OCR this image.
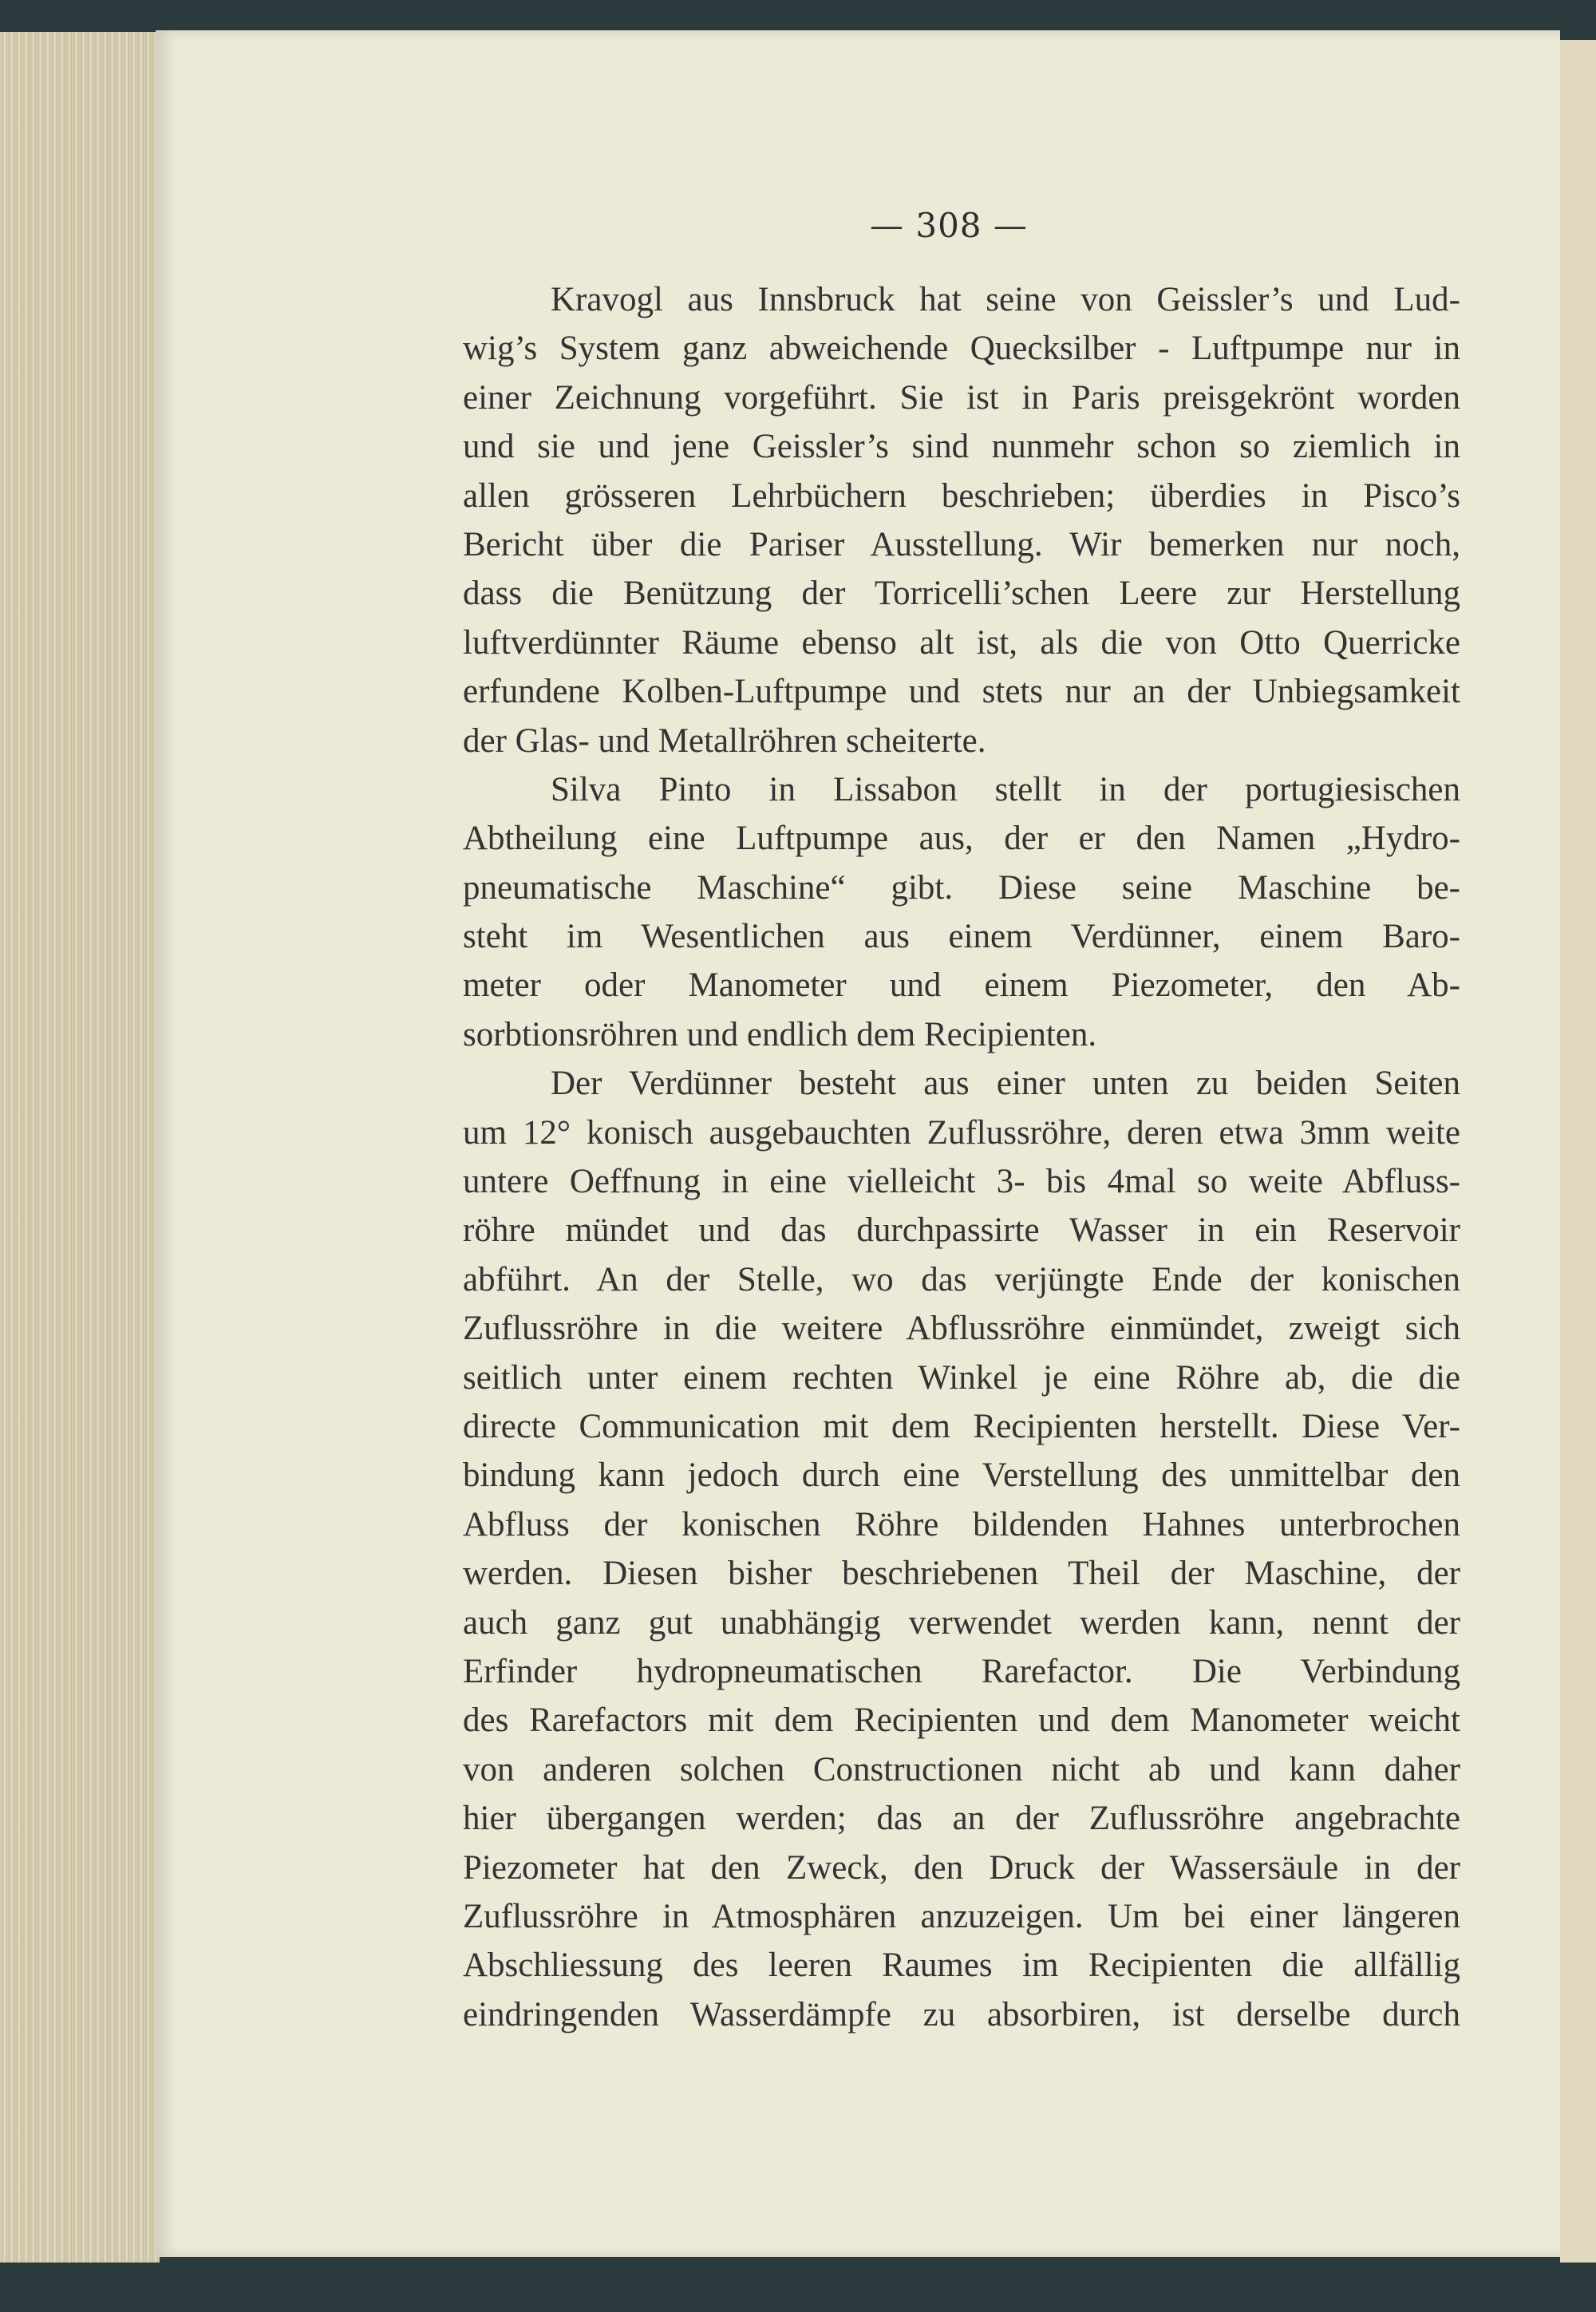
— 308 —
Kravogl aus Innsbruck hat seine von Geissler’s und Lud-
wig’s System ganz abweichende Quecksilber - Luftpumpe nur in
einer Zeichnung vorgeführt. Sie ist in Paris preisgekrönt worden
und sie und jene Geissler’s sind nunmehr schon so ziemlich in
allen grösseren Lehrbüchern beschrieben; überdies in Pisco’s
Bericht über die Pariser Ausstellung. Wir bemerken nur noch,
dass die Benützung der Torricelli’schen Leere zur Herstellung
luftverdünnter Räume ebenso alt ist, als die von Otto Querricke
erfundene Kolben-Luftpumpe und stets nur an der Unbiegsamkeit
der Glas- und Metallröhren scheiterte.
Silva Pinto in Lissabon stellt in der portugiesischen
Abtheilung eine Luftpumpe aus, der er den Namen „Hydro-
pneumatische Maschine“ gibt. Diese seine Maschine be-
steht im Wesentlichen aus einem Verdünner, einem Baro-
meter oder Manometer und einem Piezometer, den Ab-
sorbtionsröhren und endlich dem Recipienten.
Der Verdünner besteht aus einer unten zu beiden Seiten
um 12° konisch ausgebauchten Zuflussröhre, deren etwa 3mm weite
untere Oeffnung in eine vielleicht 3- bis 4mal so weite Abfluss-
röhre mündet und das durchpassirte Wasser in ein Reservoir
abführt. An der Stelle, wo das verjüngte Ende der konischen
Zuflussröhre in die weitere Abflussröhre einmündet, zweigt sich
seitlich unter einem rechten Winkel je eine Röhre ab, die die
directe Communication mit dem Recipienten herstellt. Diese Ver-
bindung kann jedoch durch eine Verstellung des unmittelbar den
Abfluss der konischen Röhre bildenden Hahnes unterbrochen
werden. Diesen bisher beschriebenen Theil der Maschine, der
auch ganz gut unabhängig verwendet werden kann, nennt der
Erfinder hydropneumatischen Rarefactor. Die Verbindung
des Rarefactors mit dem Recipienten und dem Manometer weicht
von anderen solchen Constructionen nicht ab und kann daher
hier übergangen werden; das an der Zuflussröhre angebrachte
Piezometer hat den Zweck, den Druck der Wassersäule in der
Zuflussröhre in Atmosphären anzuzeigen. Um bei einer längeren
Abschliessung des leeren Raumes im Recipienten die allfällig
eindringenden Wasserdämpfe zu absorbiren, ist derselbe durch
